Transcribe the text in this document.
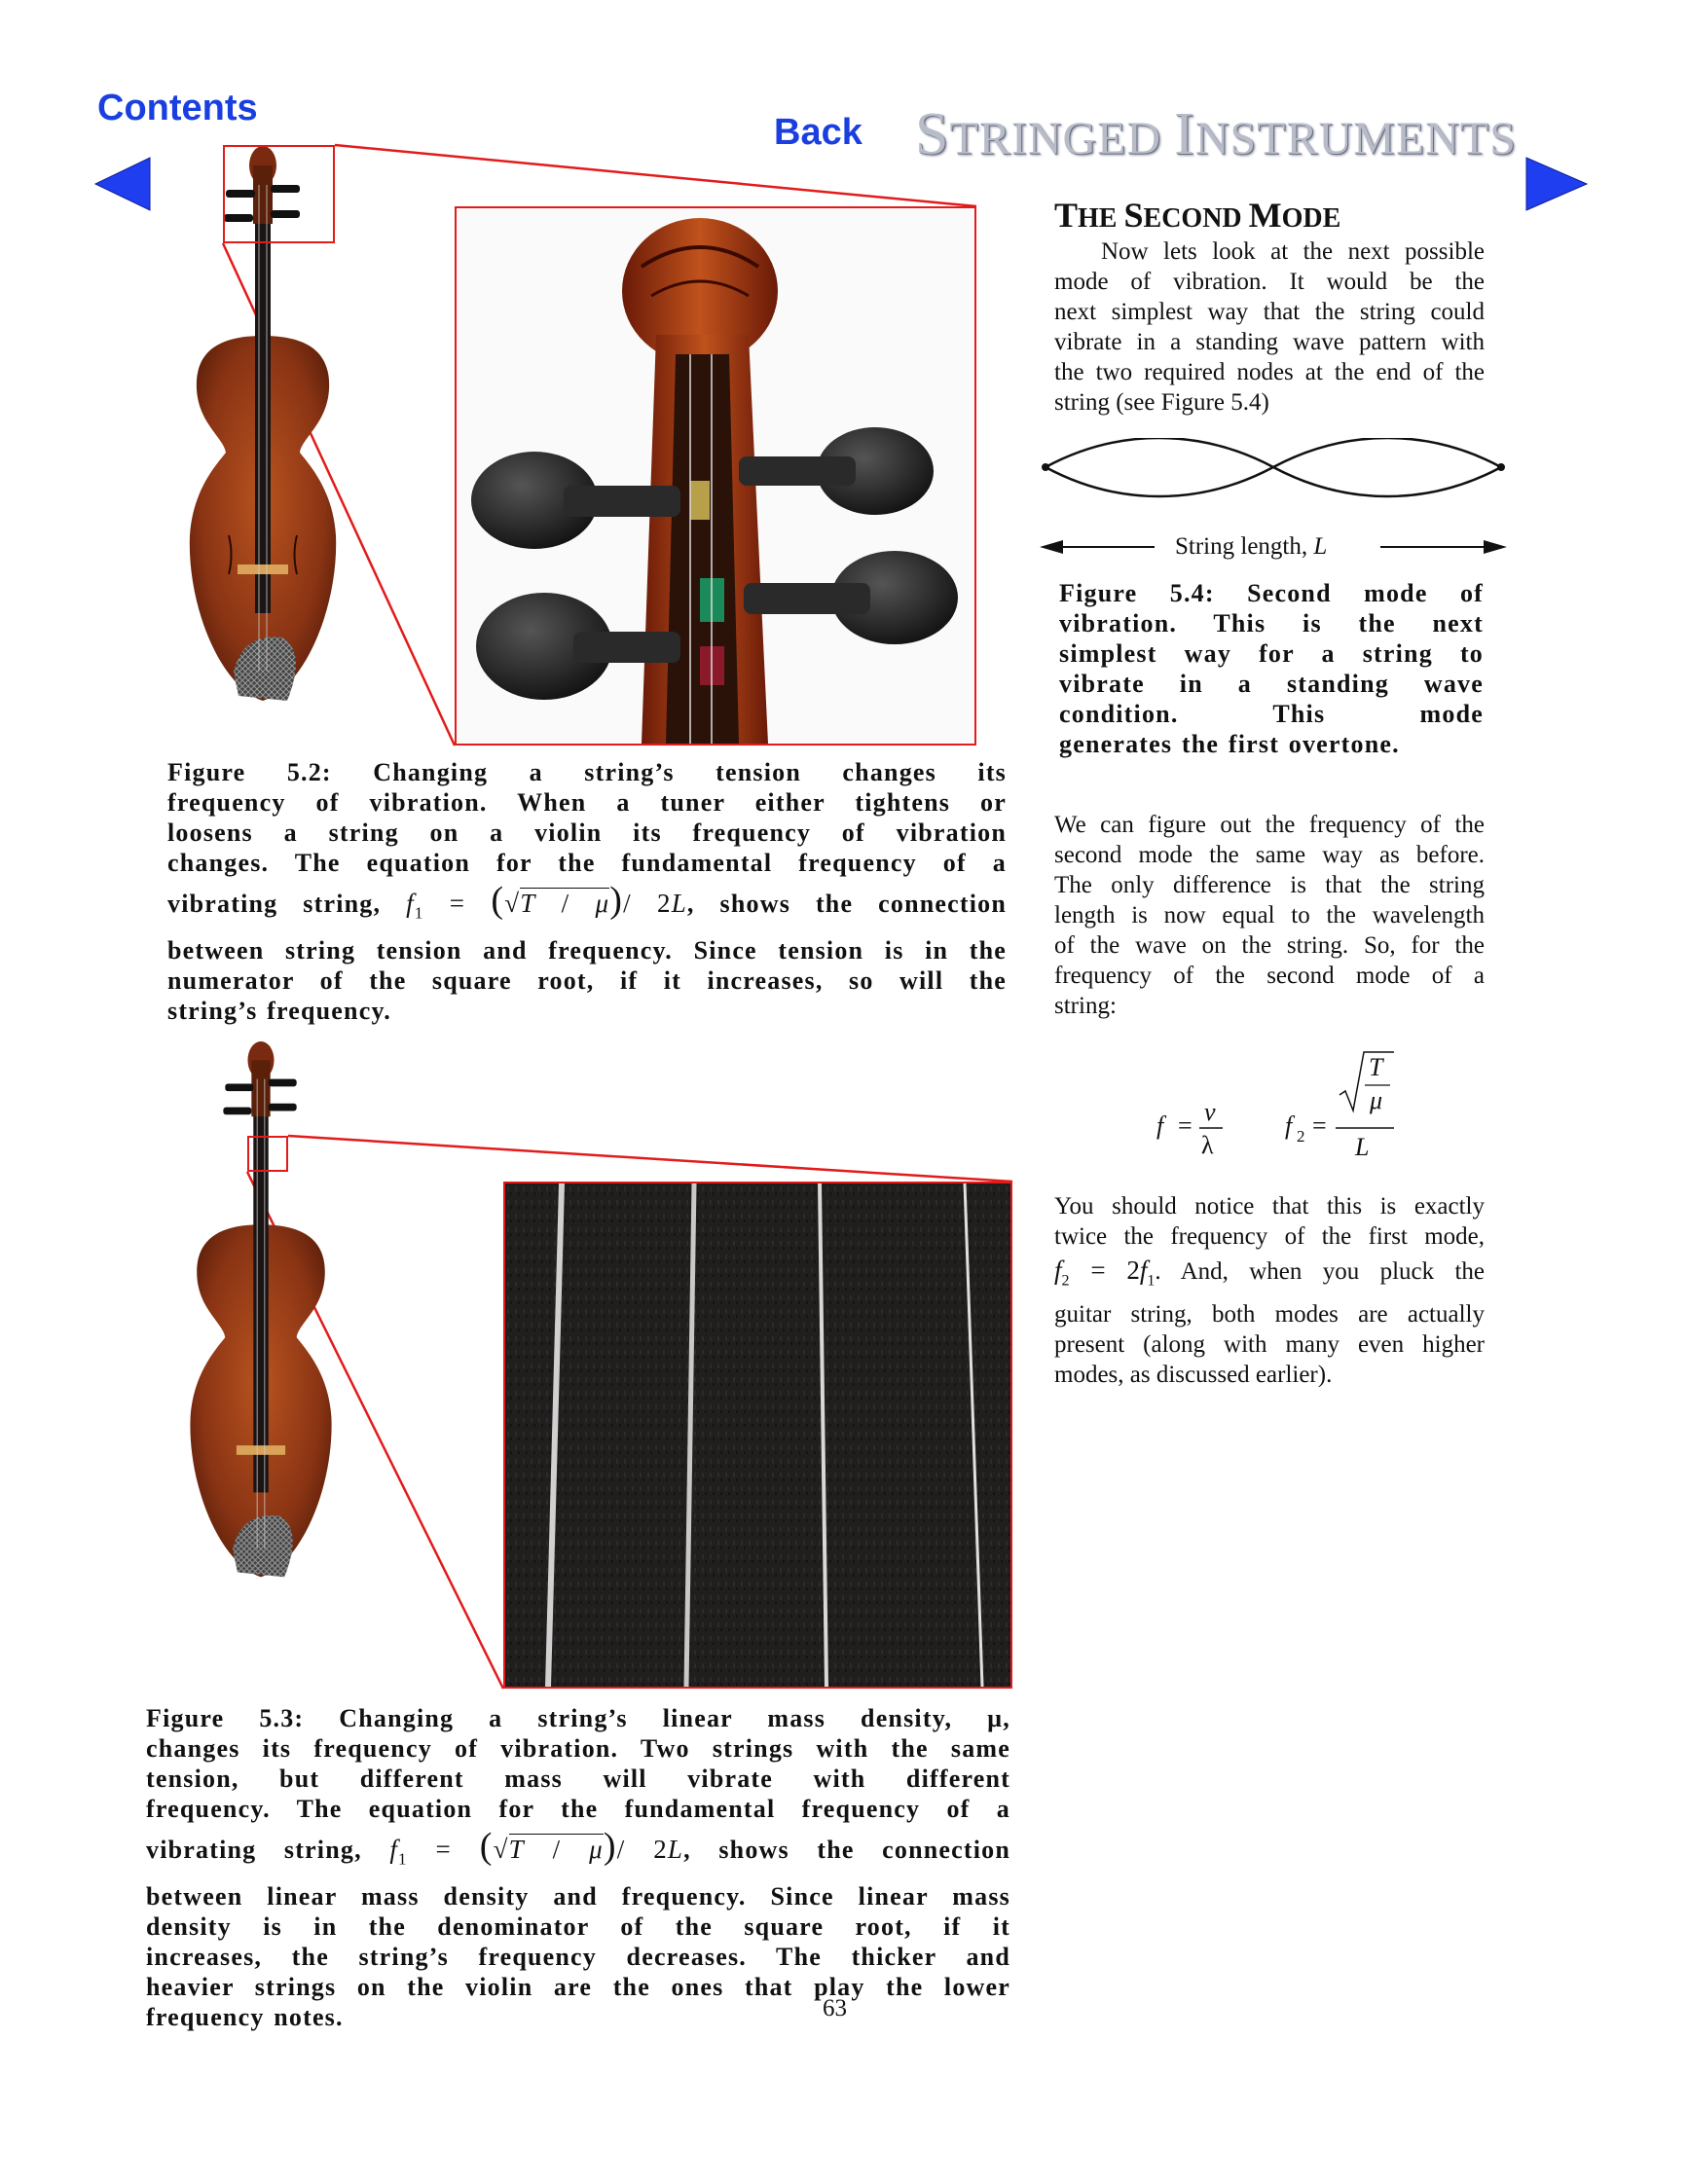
Contents
Back STRINGED INSTRUMENTS
Figure 5.2: Changing a string’s tension changes its
frequency of vibration. When a tuner either tightens or
loosens a string on a violin its frequency of vibration
changes. The equation for the fundamental frequency of a
vibrating string, $f_1 = (√T / \mu)/$ 2L, shows the connection
between string tension and frequency. Since tension is in the
numerator of the square root, if it increases, so will the
string’s frequency.
Figure 5.3: Changing a string’s linear mass density, µ,
changes its frequency of vibration. Two strings with the same
tension, but different mass will vibrate with different
frequency. The equation for the fundamental frequency of a
vibrating string, $f_1 = (√T / \mu)/$ 2L, shows the connection
between linear mass density and frequency. Since linear mass
density is in the denominator of the square root, if it
increases, the string’s frequency decreases. The thicker and
heavier strings on the violin are the ones that play the lower
frequency notes.	63
THE SECOND MODE
Now lets look at the next possible
mode of vibration. It would be the
next simplest way that the string could
vibrate in a standing wave pattern with
the two required nodes at the end of the
string (see Figure 5.4)
String length, L
Figure 5.4: Second mode of
vibration. This is the next
simplest way for a string to
vibrate in a standing wave
condition. This mode
generates the first overtone.
We can figure out the frequency of the
second mode the same way as before.
The only difference is that the string
length is now equal to the wavelength
of the wave on the string. So, for the
frequency of the second mode of a
string:
f = v
λ
f 2 =
T
μ
L
You should notice that this is exactly
twice the frequency of the first mode,
$f_2 = 2f_1$. And, when you pluck the
guitar string, both modes are actually
present (along with many even higher
modes, as discussed earlier).
